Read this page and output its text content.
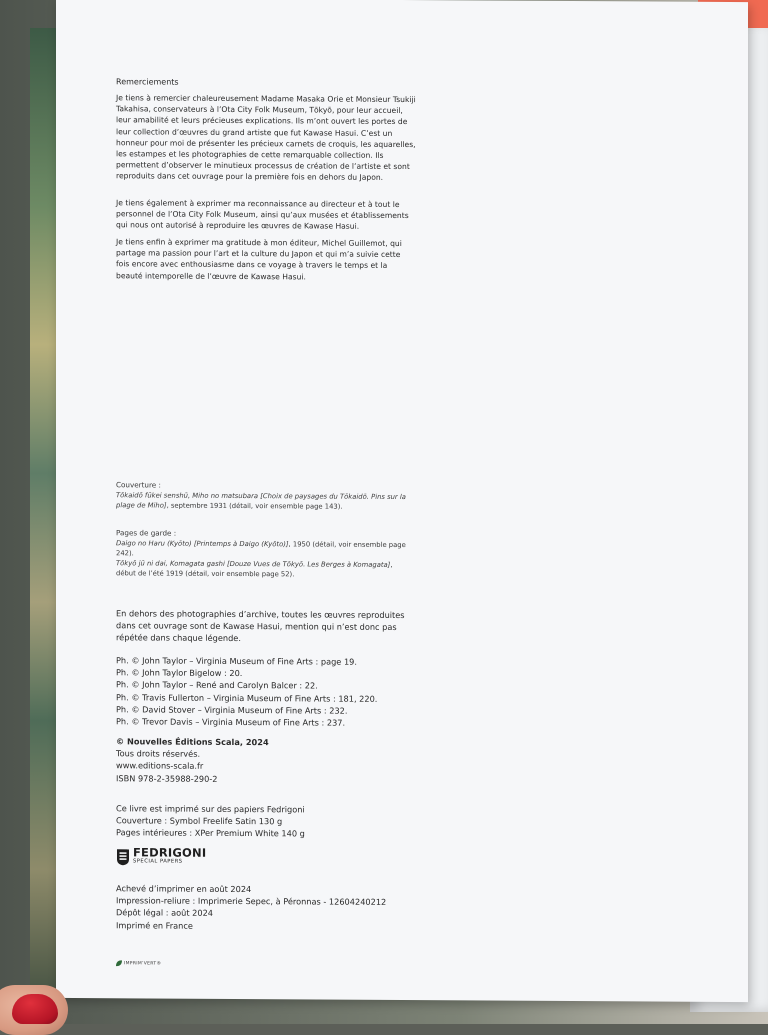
Remerciements

Je tiens à remercier chaleureusement Madame Masaka Orie et Monsieur Tsukiji Takahisa, conservateurs à l’Ota City Folk Museum, Tōkyō, pour leur accueil, leur amabilité et leurs précieuses explications. Ils m’ont ouvert les portes de leur collection d’œuvres du grand artiste que fut Kawase Hasui. C’est un honneur pour moi de présenter les précieux carnets de croquis, les aquarelles, les estampes et les photographies de cette remarquable collection. Ils permettent d’observer le minutieux processus de création de l’artiste et sont reproduits dans cet ouvrage pour la première fois en dehors du Japon.

Je tiens également à exprimer ma reconnaissance au directeur et à tout le personnel de l’Ota City Folk Museum, ainsi qu’aux musées et établissements qui nous ont autorisé à reproduire les œuvres de Kawase Hasui.

Je tiens enfin à exprimer ma gratitude à mon éditeur, Michel Guillemot, qui partage ma passion pour l’art et la culture du Japon et qui m’a suivie cette fois encore avec enthousiasme dans ce voyage à travers le temps et la beauté intemporelle de l’œuvre de Kawase Hasui.

Couverture :
Tōkaidō fūkei senshū, Miho no matsubara [Choix de paysages du Tōkaidō. Pins sur la plage de Miho], septembre 1931 (détail, voir ensemble page 143).
Pages de garde :
Daigo no Haru (Kyōto) [Printemps à Daigo (Kyōto)], 1950 (détail, voir ensemble page 242).
Tōkyō jū ni dai, Komagata gashi [Douze Vues de Tōkyō. Les Berges à Komagata], début de l’été 1919 (détail, voir ensemble page 52).
En dehors des photographies d’archive, toutes les œuvres reproduites dans cet ouvrage sont de Kawase Hasui, mention qui n’est donc pas répétée dans chaque légende.
Ph. © John Taylor – Virginia Museum of Fine Arts : page 19.
Ph. © John Taylor Bigelow : 20.
Ph. © John Taylor – René and Carolyn Balcer : 22.
Ph. © Travis Fullerton – Virginia Museum of Fine Arts : 181, 220.
Ph. © David Stover – Virginia Museum of Fine Arts : 232.
Ph. © Trevor Davis – Virginia Museum of Fine Arts : 237.
© Nouvelles Éditions Scala, 2024
Tous droits réservés.
www.editions-scala.fr
ISBN 978-2-35988-290-2
Ce livre est imprimé sur des papiers Fedrigoni
Couverture : Symbol Freelife Satin 130 g
Pages intérieures : XPer Premium White 140 g
FEDRIGONI
SPECIAL PAPERS
Achevé d’imprimer en août 2024
Impression-reliure : Imprimerie Sepec, à Péronnas - 12604240212
Dépôt légal : août 2024
Imprimé en France
IMPRIM’VERT®
